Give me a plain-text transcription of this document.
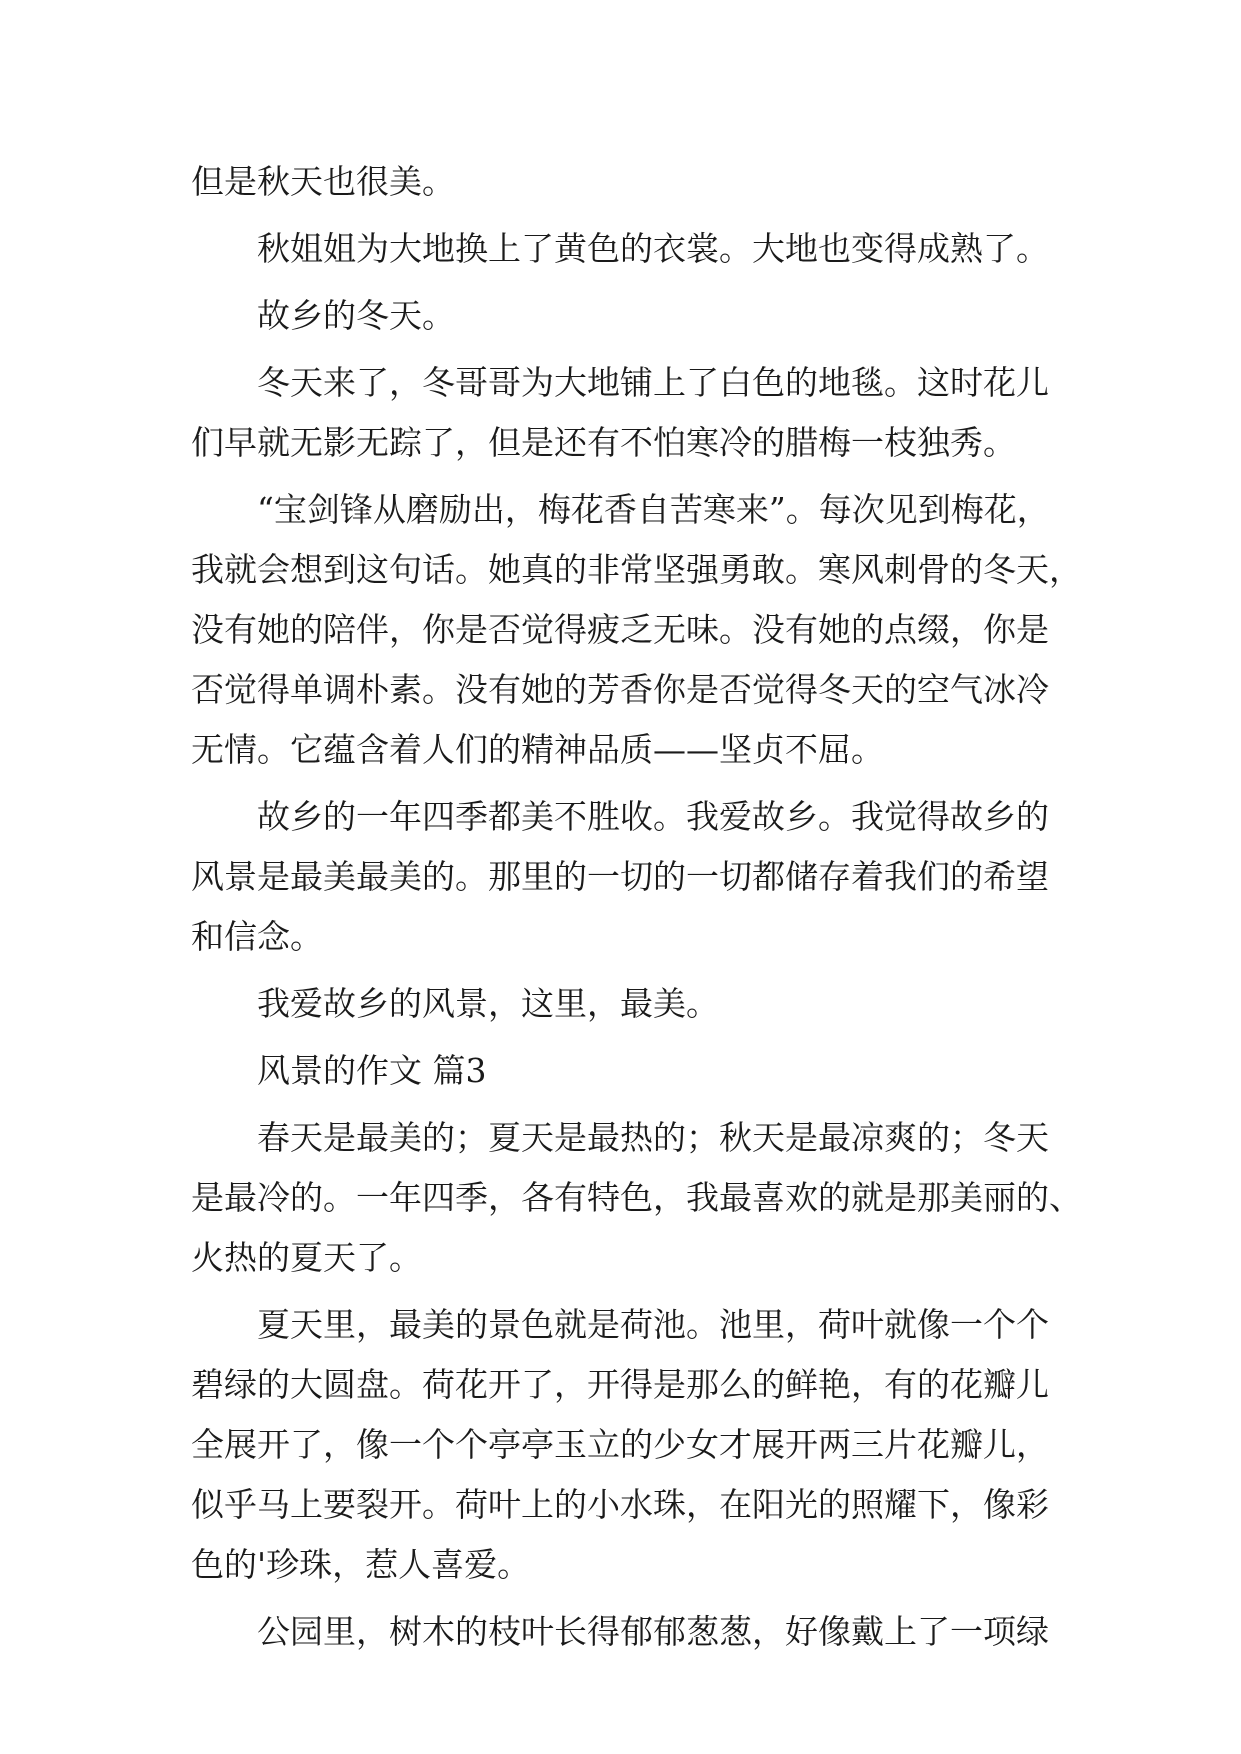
但是秋天也很美。
秋姐姐为大地换上了黄色的衣裳。大地也变得成熟了。
故乡的冬天。
冬天来了，冬哥哥为大地铺上了白色的地毯。这时花儿
们早就无影无踪了，但是还有不怕寒冷的腊梅一枝独秀。
“宝剑锋从磨励出，梅花香自苦寒来”。每次见到梅花，
我就会想到这句话。她真的非常坚强勇敢。寒风刺骨的冬天，
没有她的陪伴，你是否觉得疲乏无味。没有她的点缀，你是
否觉得单调朴素。没有她的芳香你是否觉得冬天的空气冰冷
无情。它蕴含着人们的精神品质——坚贞不屈。
故乡的一年四季都美不胜收。我爱故乡。我觉得故乡的
风景是最美最美的。那里的一切的一切都储存着我们的希望
和信念。
我爱故乡的风景，这里，最美。
风景的作文 篇3
春天是最美的；夏天是最热的；秋天是最凉爽的；冬天
是最冷的。一年四季，各有特色，我最喜欢的就是那美丽的、
火热的夏天了。
夏天里，最美的景色就是荷池。池里，荷叶就像一个个
碧绿的大圆盘。荷花开了，开得是那么的鲜艳，有的花瓣儿
全展开了，像一个个亭亭玉立的少女才展开两三片花瓣儿，
似乎马上要裂开。荷叶上的小水珠，在阳光的照耀下，像彩
色的'珍珠，惹人喜爱。
公园里，树木的枝叶长得郁郁葱葱，好像戴上了一项绿
